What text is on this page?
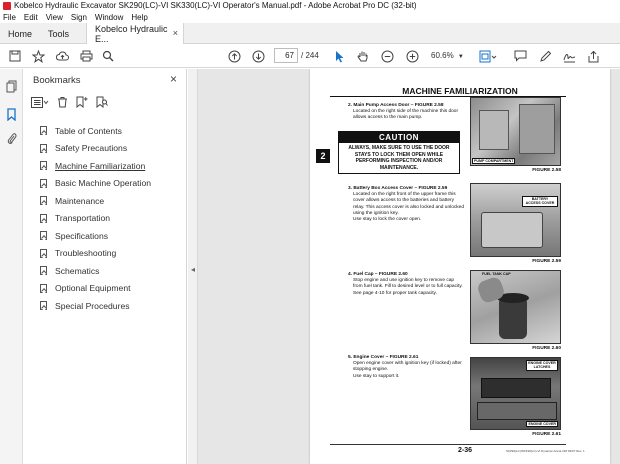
Kobelco Hydraulic Excavator SK290(LC)-VI SK330(LC)-VI Operator's Manual.pdf - Adobe Acrobat Pro DC (32-bit)
File Edit View Sign Window Help
Home	Tools	Kobelco Hydraulic E...
×
67 / 244	60.6% ▼
Bookmarks	×
Table of Contents
Safety Precautions
Machine Familiarization
Basic Machine Operation
Maintenance
Transportation
Specifications
Troubleshooting
Schematics
Optional Equipment
Special Procedures
◂
MACHINE FAMILIARIZATION
2
2. Main Pump Access Door – FIGURE 2.58
Located on the right side of the machine this door allows access to the main pump.
CAUTION
ALWAYS, MAKE SURE TO USE THE DOOR STAYS TO LOCK THEM OPEN WHILE PERFORMING INSPECTION AND/OR MAINTENANCE.
PUMP COMPARTMENT
FIGURE 2.58
3. Battery Box Access Cover – FIGURE 2.59
Located on the right front of the upper frame this cover allows access to the batteries and battery relay. This access cover is also locked and unlocked using the ignition key.
Use stay to lock the cover open.
BATTERY ACCESS COVER
FIGURE 2.59
4. Fuel Cap – FIGURE 2.60
Stop engine and use ignition key to remove cap from fuel tank. Fill to desired level or to full capacity. See page 4-10 for proper tank capacity.
FUEL TANK CAP
FIGURE 2.60
5. Engine Cover – FIGURE 2.61
Open engine cover with ignition key (if locked) after stopping engine.
Use stay to support it.
ENGINE COVER LATCHES
ENGINE COVER
FIGURE 2.61
2-36	SK290(LC)/SK330(LC)-VI Dynamic Acera OM 03/07 Rev. 1
